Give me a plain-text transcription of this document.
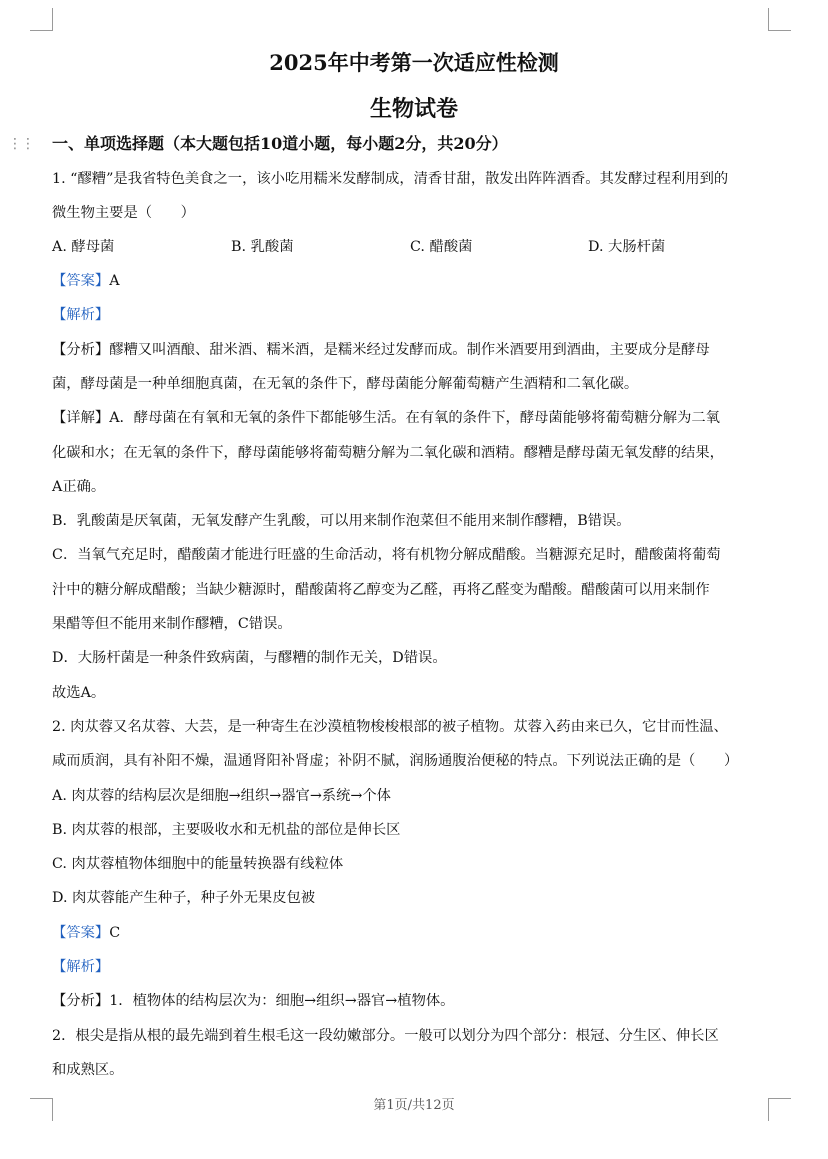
⋮⋮
2025年中考第一次适应性检测
生物试卷
一、单项选择题（本大题包括10道小题，每小题2分，共20分）
1. “醪糟”是我省特色美食之一，该小吃用糯米发酵制成，清香甘甜，散发出阵阵酒香。其发酵过程利用到的
微生物主要是（　　）
A. 酵母菌	B. 乳酸菌	C. 醋酸菌	D. 大肠杆菌
【答案】A
【解析】
【分析】醪糟又叫酒酿、甜米酒、糯米酒，是糯米经过发酵而成。制作米酒要用到酒曲，主要成分是酵母
菌，酵母菌是一种单细胞真菌，在无氧的条件下，酵母菌能分解葡萄糖产生酒精和二氧化碳。
【详解】A．酵母菌在有氧和无氧的条件下都能够生活。在有氧的条件下，酵母菌能够将葡萄糖分解为二氧
化碳和水；在无氧的条件下，酵母菌能够将葡萄糖分解为二氧化碳和酒精。醪糟是酵母菌无氧发酵的结果，
A正确。
B．乳酸菌是厌氧菌，无氧发酵产生乳酸，可以用来制作泡菜但不能用来制作醪糟，B错误。
C．当氧气充足时，醋酸菌才能进行旺盛的生命活动，将有机物分解成醋酸。当糖源充足时，醋酸菌将葡萄
汁中的糖分解成醋酸；当缺少糖源时，醋酸菌将乙醇变为乙醛，再将乙醛变为醋酸。醋酸菌可以用来制作
果醋等但不能用来制作醪糟，C错误。
D．大肠杆菌是一种条件致病菌，与醪糟的制作无关，D错误。
故选A。
2. 肉苁蓉又名苁蓉、大芸，是一种寄生在沙漠植物梭梭根部的被子植物。苁蓉入药由来已久，它甘而性温、
咸而质润，具有补阳不燥，温通肾阳补肾虚；补阴不腻，润肠通腹治便秘的特点。下列说法正确的是（　　）
A. 肉苁蓉的结构层次是细胞→组织→器官→系统→个体
B. 肉苁蓉的根部，主要吸收水和无机盐的部位是伸长区
C. 肉苁蓉植物体细胞中的能量转换器有线粒体
D. 肉苁蓉能产生种子，种子外无果皮包被
【答案】C
【解析】
【分析】1．植物体的结构层次为：细胞→组织→器官→植物体。
2．根尖是指从根的最先端到着生根毛这一段幼嫩部分。一般可以划分为四个部分：根冠、分生区、伸长区
和成熟区。
第1页/共12页
